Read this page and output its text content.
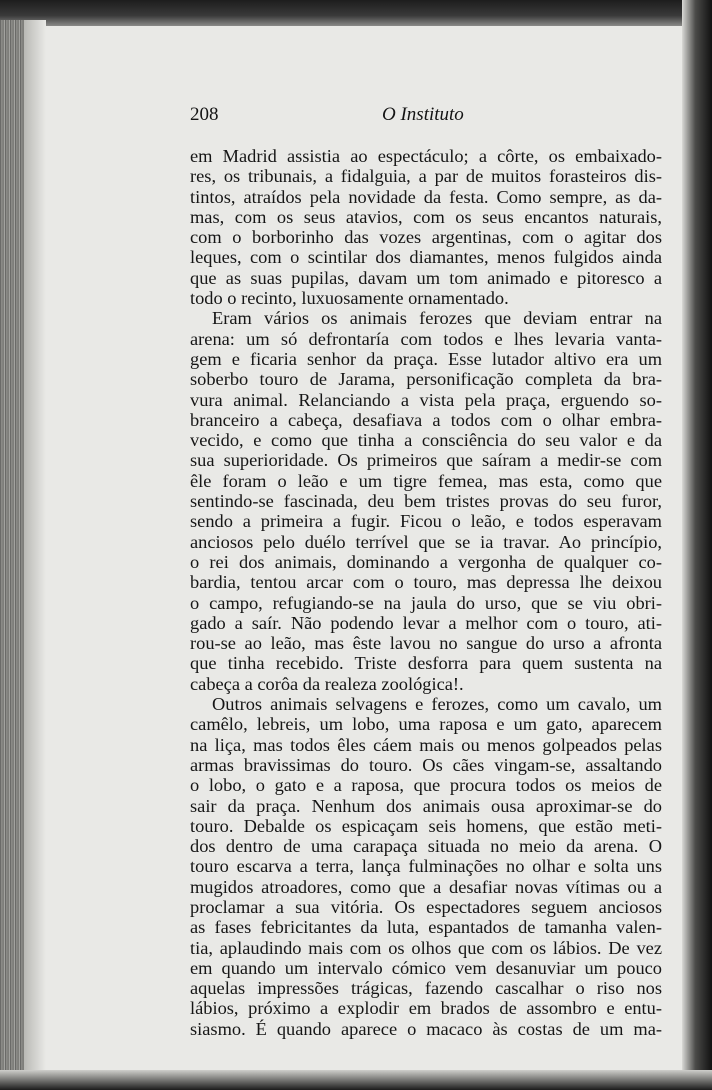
208	O Instituto

em Madrid assistia ao espectáculo; a côrte, os embaixado-
res, os tribunais, a fidalguia, a par de muitos forasteiros dis-
tintos, atraídos pela novidade da festa. Como sempre, as da-
mas, com os seus atavios, com os seus encantos naturais,
com o borborinho das vozes argentinas, com o agitar dos
leques, com o scintilar dos diamantes, menos fulgidos ainda
que as suas pupilas, davam um tom animado e pitoresco a
todo o recinto, luxuosamente ornamentado.

Eram vários os animais ferozes que deviam entrar na
arena: um só defrontaría com todos e lhes levaria vanta-
gem e ficaria senhor da praça. Esse lutador altivo era um
soberbo touro de Jarama, personificação completa da bra-
vura animal. Relanciando a vista pela praça, erguendo so-
branceiro a cabeça, desafiava a todos com o olhar embra-
vecido, e como que tinha a consciência do seu valor e da
sua superioridade. Os primeiros que saíram a medir-se com
êle foram o leão e um tigre femea, mas esta, como que
sentindo-se fascinada, deu bem tristes provas do seu furor,
sendo a primeira a fugir. Ficou o leão, e todos esperavam
anciosos pelo duélo terrível que se ia travar. Ao princípio,
o rei dos animais, dominando a vergonha de qualquer co-
bardia, tentou arcar com o touro, mas depressa lhe deixou
o campo, refugiando-se na jaula do urso, que se viu obri-
gado a saír. Não podendo levar a melhor com o touro, ati-
rou-se ao leão, mas êste lavou no sangue do urso a afronta
que tinha recebido. Triste desforra para quem sustenta na
cabeça a corôa da realeza zoológica!.

Outros animais selvagens e ferozes, como um cavalo, um
camêlo, lebreis, um lobo, uma raposa e um gato, aparecem
na liça, mas todos êles cáem mais ou menos golpeados pelas
armas bravissimas do touro. Os cães vingam-se, assaltando
o lobo, o gato e a raposa, que procura todos os meios de
sair da praça. Nenhum dos animais ousa aproximar-se do
touro. Debalde os espicaçam seis homens, que estão meti-
dos dentro de uma carapaça situada no meio da arena. O
touro escarva a terra, lança fulminações no olhar e solta uns
mugidos atroadores, como que a desafiar novas vítimas ou a
proclamar a sua vitória. Os espectadores seguem anciosos
as fases febricitantes da luta, espantados de tamanha valen-
tia, aplaudindo mais com os olhos que com os lábios. De vez
em quando um intervalo cómico vem desanuviar um pouco
aquelas impressões trágicas, fazendo cascalhar o riso nos
lábios, próximo a explodir em brados de assombro e entu-
siasmo. É quando aparece o macaco às costas de um ma-
